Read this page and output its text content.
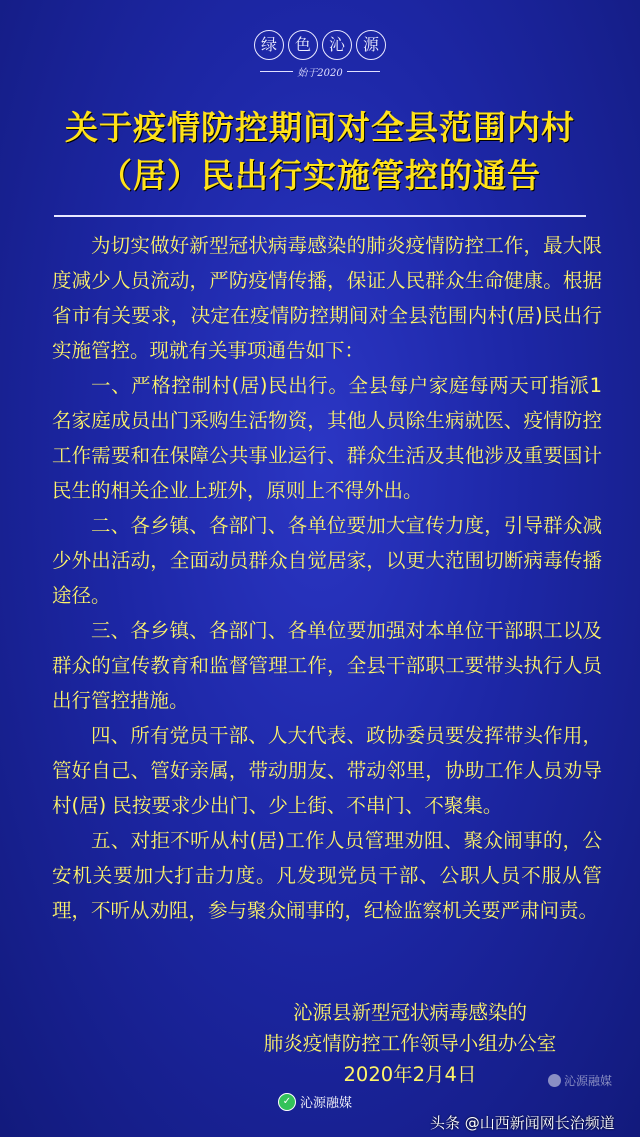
绿	色	沁	源
始于2020
关于疫情防控期间对全县范围内村
（居）民出行实施管控的通告

为切实做好新型冠状病毒感染的肺炎疫情防控工作，最大限度减少人员流动，严防疫情传播，保证人民群众生命健康。根据省市有关要求，决定在疫情防控期间对全县范围内村(居)民出行实施管控。现就有关事项通告如下：

一、严格控制村(居)民出行。全县每户家庭每两天可指派1名家庭成员出门采购生活物资，其他人员除生病就医、疫情防控工作需要和在保障公共事业运行、群众生活及其他涉及重要国计民生的相关企业上班外，原则上不得外出。

二、各乡镇、各部门、各单位要加大宣传力度，引导群众减少外出活动，全面动员群众自觉居家，以更大范围切断病毒传播途径。

三、各乡镇、各部门、各单位要加强对本单位干部职工以及群众的宣传教育和监督管理工作，全县干部职工要带头执行人员出行管控措施。

四、所有党员干部、人大代表、政协委员要发挥带头作用，管好自己、管好亲属，带动朋友、带动邻里，协助工作人员劝导村(居) 民按要求少出门、少上街、不串门、不聚集。

五、对拒不听从村(居)工作人员管理劝阻、聚众闹事的，公安机关要加大打击力度。凡发现党员干部、公职人员不服从管理，不听从劝阻，参与聚众闹事的，纪检监察机关要严肃问责。

沁源县新型冠状病毒感染的
肺炎疫情防控工作领导小组办公室
2020年2月4日	沁源融媒
✓ 沁源融媒
头条 @山西新闻网长治频道
